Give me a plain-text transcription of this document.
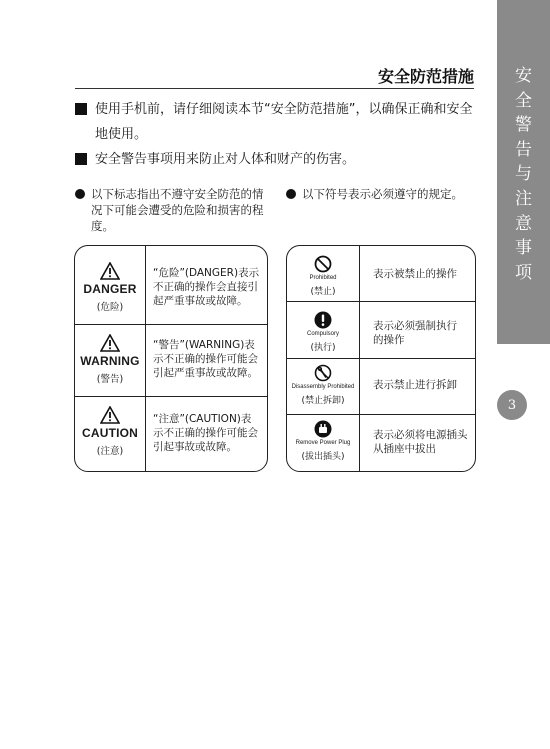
安
全
警
告
与
注
意
事
项
3
安全防范措施
使用手机前，请仔细阅读本节“安全防范措施”，以确保正确和安全地使用。
安全警告事项用来防止对人体和财产的伤害。
以下标志指出不遵守安全防范的情况下可能会遭受的危险和损害的程度。
以下符号表示必须遵守的规定。
DANGER
(危险)
“危险”(DANGER)表示不正确的操作会直接引起严重事故或故障。
WARNING
(警告)
“警告”(WARNING)表示不正确的操作可能会引起严重事故或故障。
CAUTION
(注意)
“注意”(CAUTION)表示不正确的操作可能会引起事故或故障。
Prohibited
(禁止)
表示被禁止的操作
Compulsory
(执行)
表示必须强制执行的操作
Disassembly Prohibited
(禁止拆卸)
表示禁止进行拆卸
Remove Power Plug
(拔出插头)
表示必须将电源插头从插座中拔出
